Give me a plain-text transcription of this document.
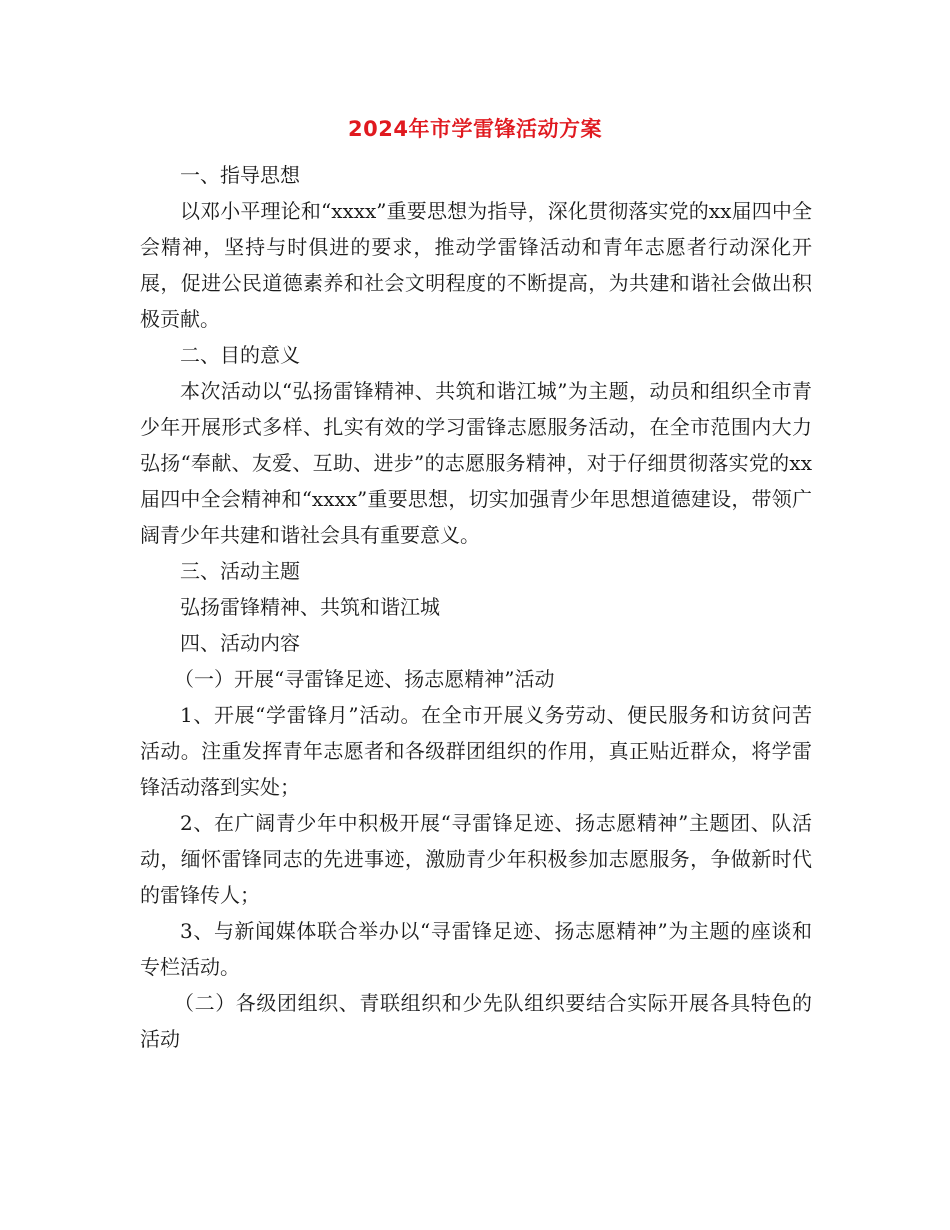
2024年市学雷锋活动方案

一、指导思想

以邓小平理论和“xxxx”重要思想为指导，深化贯彻落实党的xx届四中全会精神，坚持与时俱进的要求，推动学雷锋活动和青年志愿者行动深化开展，促进公民道德素养和社会文明程度的不断提高，为共建和谐社会做出积极贡献。

二、目的意义

本次活动以“弘扬雷锋精神、共筑和谐江城”为主题，动员和组织全市青少年开展形式多样、扎实有效的学习雷锋志愿服务活动，在全市范围内大力弘扬“奉献、友爱、互助、进步”的志愿服务精神，对于仔细贯彻落实党的xx届四中全会精神和“xxxx”重要思想，切实加强青少年思想道德建设，带领广阔青少年共建和谐社会具有重要意义。

三、活动主题

弘扬雷锋精神、共筑和谐江城

四、活动内容

（一）开展“寻雷锋足迹、扬志愿精神”活动

1、开展“学雷锋月”活动。在全市开展义务劳动、便民服务和访贫问苦活动。注重发挥青年志愿者和各级群团组织的作用，真正贴近群众，将学雷锋活动落到实处；

2、在广阔青少年中积极开展“寻雷锋足迹、扬志愿精神”主题团、队活动，缅怀雷锋同志的先进事迹，激励青少年积极参加志愿服务，争做新时代的雷锋传人；

3、与新闻媒体联合举办以“寻雷锋足迹、扬志愿精神”为主题的座谈和专栏活动。

（二）各级团组织、青联组织和少先队组织要结合实际开展各具特色的活动
